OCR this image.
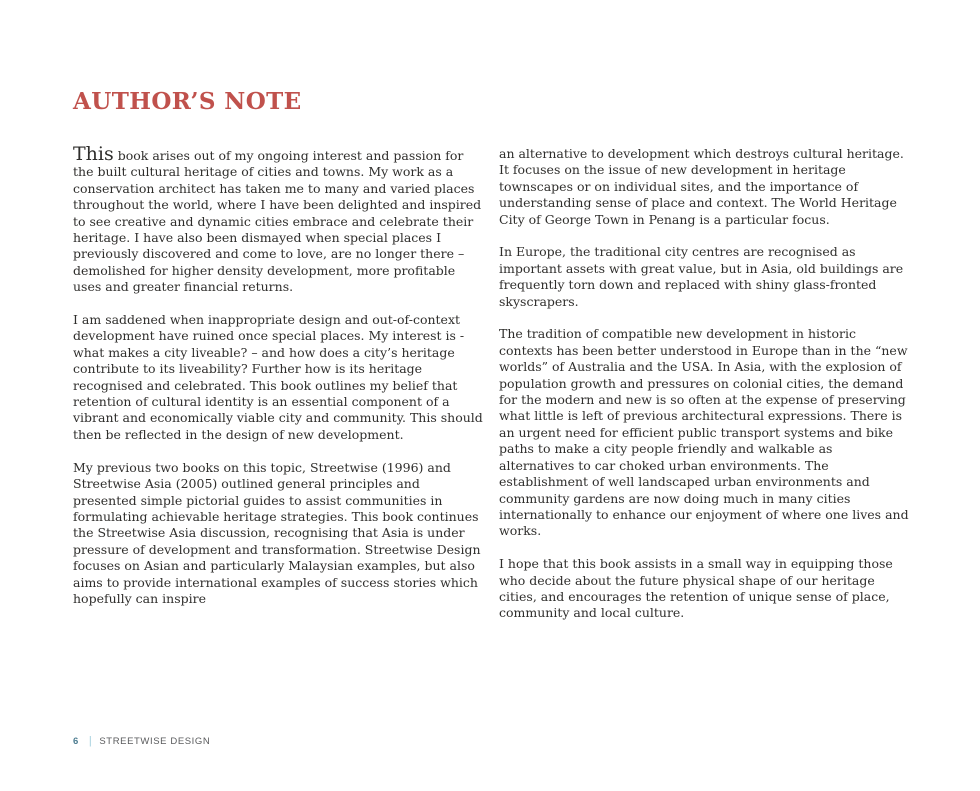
AUTHOR’S NOTE

This book arises out of my ongoing interest and passion for the built cultural heritage of cities and towns. My work as a conservation architect has taken me to many and varied places throughout the world, where I have been delighted and inspired to see creative and dynamic cities embrace and celebrate their heritage. I have also been dismayed when special places I previously discovered and come to love, are no longer there – demolished for higher density development, more profitable uses and greater financial returns.

I am saddened when inappropriate design and out-of-context development have ruined once special places. My interest is - what makes a city liveable? – and how does a city’s heritage contribute to its liveability? Further how is its heritage recognised and celebrated. This book outlines my belief that retention of cultural identity is an essential component of a vibrant and economically viable city and community. This should then be reflected in the design of new development.

My previous two books on this topic, Streetwise (1996) and Streetwise Asia (2005) outlined general principles and presented simple pictorial guides to assist communities in formulating achievable heritage strategies. This book continues the Streetwise Asia discussion, recognising that Asia is under pressure of development and transformation. Streetwise Design focuses on Asian and particularly Malaysian examples, but also aims to provide international examples of success stories which hopefully can inspire

an alternative to development which destroys cultural heritage. It focuses on the issue of new development in heritage townscapes or on individual sites, and the importance of understanding sense of place and context. The World Heritage City of George Town in Penang is a particular focus.

In Europe, the traditional city centres are recognised as important assets with great value, but in Asia, old buildings are frequently torn down and replaced with shiny glass-fronted skyscrapers.

The tradition of compatible new development in historic contexts has been better understood in Europe than in the “new worlds” of Australia and the USA. In Asia, with the explosion of population growth and pressures on colonial cities, the demand for the modern and new is so often at the expense of preserving what little is left of previous architectural expressions. There is an urgent need for efficient public transport systems and bike paths to make a city people friendly and walkable as alternatives to car choked urban environments. The establishment of well landscaped urban environments and community gardens are now doing much in many cities internationally to enhance our enjoyment of where one lives and works.

I hope that this book assists in a small way in equipping those who decide about the future physical shape of our heritage cities, and encourages the retention of unique sense of place, community and local culture.

6 | STREETWISE DESIGN
